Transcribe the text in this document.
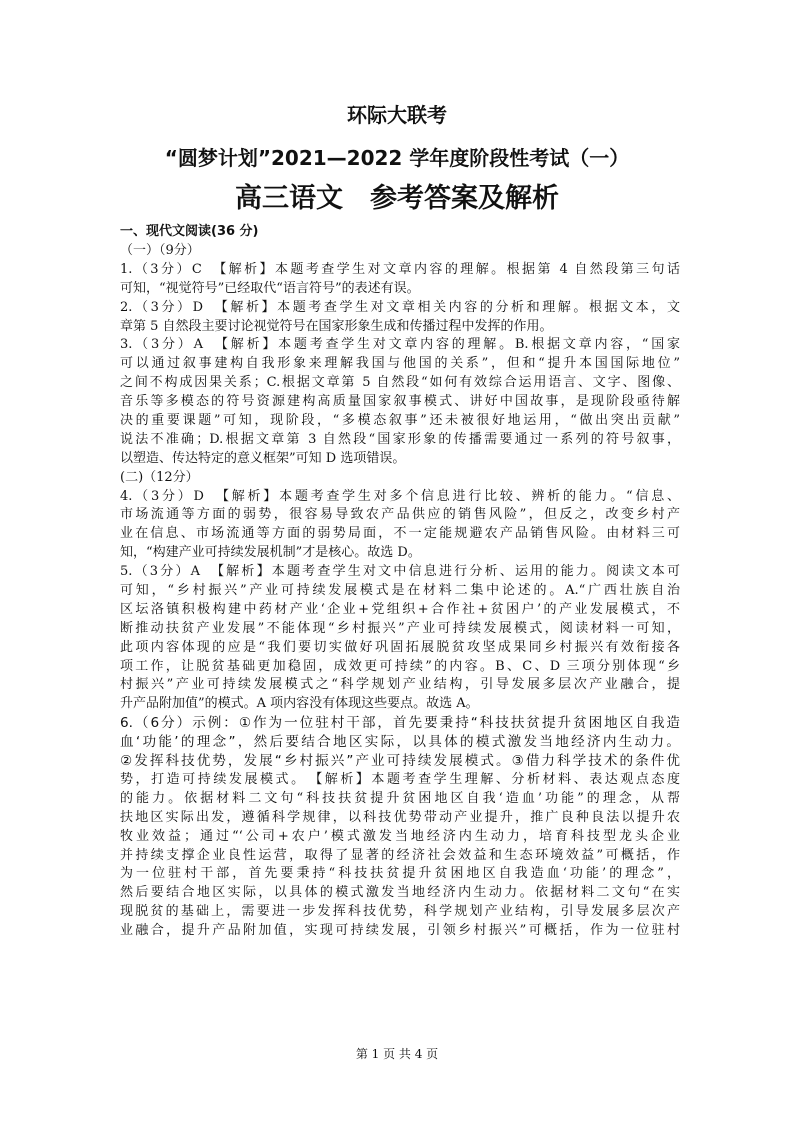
环际大联考
“圆梦计划”2021—2022 学年度阶段性考试（一）
高三语文　参考答案及解析
一、现代文阅读(36 分)
（一）（9分）
1.（3分）C　【解析】本题考查学生对文章内容的理解。根据第 4 自然段第三句话
可知，“视觉符号”已经取代“语言符号”的表述有误。
2.（3分）D　【解析】本题考查学生对文章相关内容的分析和理解。根据文本，文
章第 5 自然段主要讨论视觉符号在国家形象生成和传播过程中发挥的作用。
3.（3分）A　【解析】本题考查学生对文章内容的理解。B.根据文章内容，“国家
可以通过叙事建构自我形象来理解我国与他国的关系”，但和“提升本国国际地位”
之间不构成因果关系；C.根据文章第 5 自然段“如何有效综合运用语言、文字、图像、
音乐等多模态的符号资源建构高质量国家叙事模式、讲好中国故事，是现阶段亟待解
决的重要课题”可知，现阶段，“多模态叙事”还未被很好地运用，“做出突出贡献”
说法不准确；D.根据文章第 3 自然段“国家形象的传播需要通过一系列的符号叙事，
以塑造、传达特定的意义框架”可知 D 选项错误。
(二)（12分）
4.（3分）D　【解析】本题考查学生对多个信息进行比较、辨析的能力。“信息、
市场流通等方面的弱势，很容易导致农产品供应的销售风险”，但反之，改变乡村产
业在信息、市场流通等方面的弱势局面，不一定能规避农产品销售风险。由材料三可
知，“构建产业可持续发展机制”才是核心。故选 D。
5.（3分）A　【解析】本题考查学生对文中信息进行分析、运用的能力。阅读文本可
可知，“乡村振兴”产业可持续发展模式是在材料二集中论述的。A.“广西壮族自治
区坛洛镇积极构建中药材产业‘企业+党组织+合作社+贫困户’的产业发展模式，不
断推动扶贫产业发展”不能体现“乡村振兴”产业可持续发展模式，阅读材料一可知，
此项内容体现的应是“我们要切实做好巩固拓展脱贫攻坚成果同乡村振兴有效衔接各
项工作，让脱贫基础更加稳固，成效更可持续”的内容。B、C、D 三项分别体现“乡
村振兴”产业可持续发展模式之“科学规划产业结构，引导发展多层次产业融合，提
升产品附加值”的模式。A 项内容没有体现这些要点。故选 A。
6.（6分）示例：①作为一位驻村干部，首先要秉持“科技扶贫提升贫困地区自我造
血‘功能’的理念”，然后要结合地区实际，以具体的模式激发当地经济内生动力。
②发挥科技优势，发展“乡村振兴”产业可持续发展模式。③借力科学技术的条件优
势，打造可持续发展模式。　【解析】本题考查学生理解、分析材料、表达观点态度
的能力。依据材料二文句“科技扶贫提升贫困地区自我‘造血’功能”的理念，从帮
扶地区实际出发，遵循科学规律，以科技优势带动产业提升，推广良种良法以提升农
牧业效益；通过“‘公司+农户’模式激发当地经济内生动力，培育科技型龙头企业
并持续支撑企业良性运营，取得了显著的经济社会效益和生态环境效益”可概括，作
为一位驻村干部，首先要秉持“科技扶贫提升贫困地区自我造血‘功能’的理念”，
然后要结合地区实际，以具体的模式激发当地经济内生动力。依据材料二文句“在实
现脱贫的基础上，需要进一步发挥科技优势，科学规划产业结构，引导发展多层次产
业融合，提升产品附加值，实现可持续发展，引领乡村振兴”可概括，作为一位驻村
第 1 页 共 4 页
